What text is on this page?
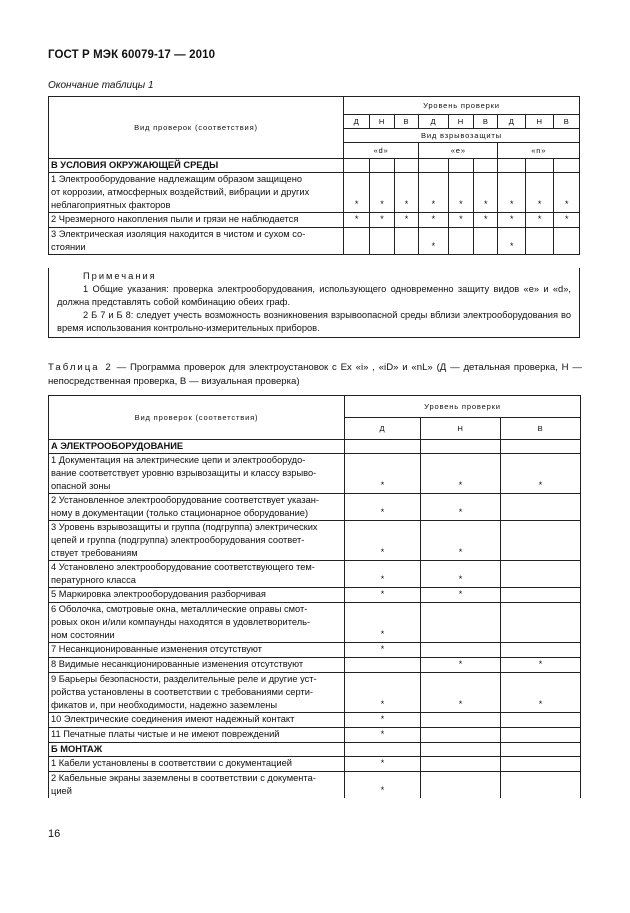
ГОСТ Р МЭК 60079-17 — 2010
Окончание таблицы 1
Вид проверок (соответствия)	Уровень проверки								
	Д	Н	В	Д	Н	В	Д	Н	В
	Вид взрывозащиты								
	«d»			«e»			«n»		
В УСЛОВИЯ ОКРУЖАЮЩЕЙ СРЕДЫ									

1 Электрооборудование надлежащим образом защищено
от коррозии, атмосферных воздействий, вибрации и других
неблагоприятных факторов	*	*	*	*	*	*	*	*	*

2 Чрезмерного накопления пыли и грязи не наблюдается	*	*	*	*	*	*	*	*	*

3 Электрическая изоляция находится в чистом и сухом со-
стоянии				*			*		
Примечания

1 Общие указания: проверка электрооборудования, использующего одновременно защиту видов «е» и «d», должна представлять собой комбинацию обеих граф.

2 Б 7 и Б 8: следует учесть возможность возникновения взрывоопасной среды вблизи электрооборудования во время использования контрольно-измерительных приборов.

Таблица 2 — Программа проверок для электроустановок с Ex «i» , «iD» и «nL» (Д — детальная проверка, Н — непосредственная проверка, В — визуальная проверка)
Вид проверок (соответствия)	Уровень проверки		
	Д	Н	В

А ЭЛЕКТРООБОРУДОВАНИЕ			

1 Документация на электрические цепи и электрооборудо-
вание соответствует уровню взрывозащиты и классу взрыво-
опасной зоны	*	*	*

2 Установленное электрооборудование соответствует указан-
ному в документации (только стационарное оборудование)	*	*	

3 Уровень взрывозащиты и группа (подгруппа) электрических
цепей и группа (подгруппа) электрооборудования соответ-
ствует требованиям	*	*	

4 Установлено электрооборудование соответствующего тем-
пературного класса	*	*	

5 Маркировка электрооборудования разборчивая	*	*	

6 Оболочка, смотровые окна, металлические оправы смот-
ровых окон и/или компаунды находятся в удовлетворитель-
ном состоянии	*		

7 Несанкционированные изменения отсутствуют	*		

8 Видимые несанкционированные изменения отсутствуют		*	*

9 Барьеры безопасности, разделительные реле и другие уст-
ройства установлены в соответствии с требованиями серти-
фикатов и, при необходимости, надежно заземлены	*	*	*

10 Электрические соединения имеют надежный контакт	*		

11 Печатные платы чистые и не имеют повреждений	*		

Б МОНТАЖ			

1 Кабели установлены в соответствии с документацией	*		

2 Кабельные экраны заземлены в соответствии с документа-
цией	*		
16
